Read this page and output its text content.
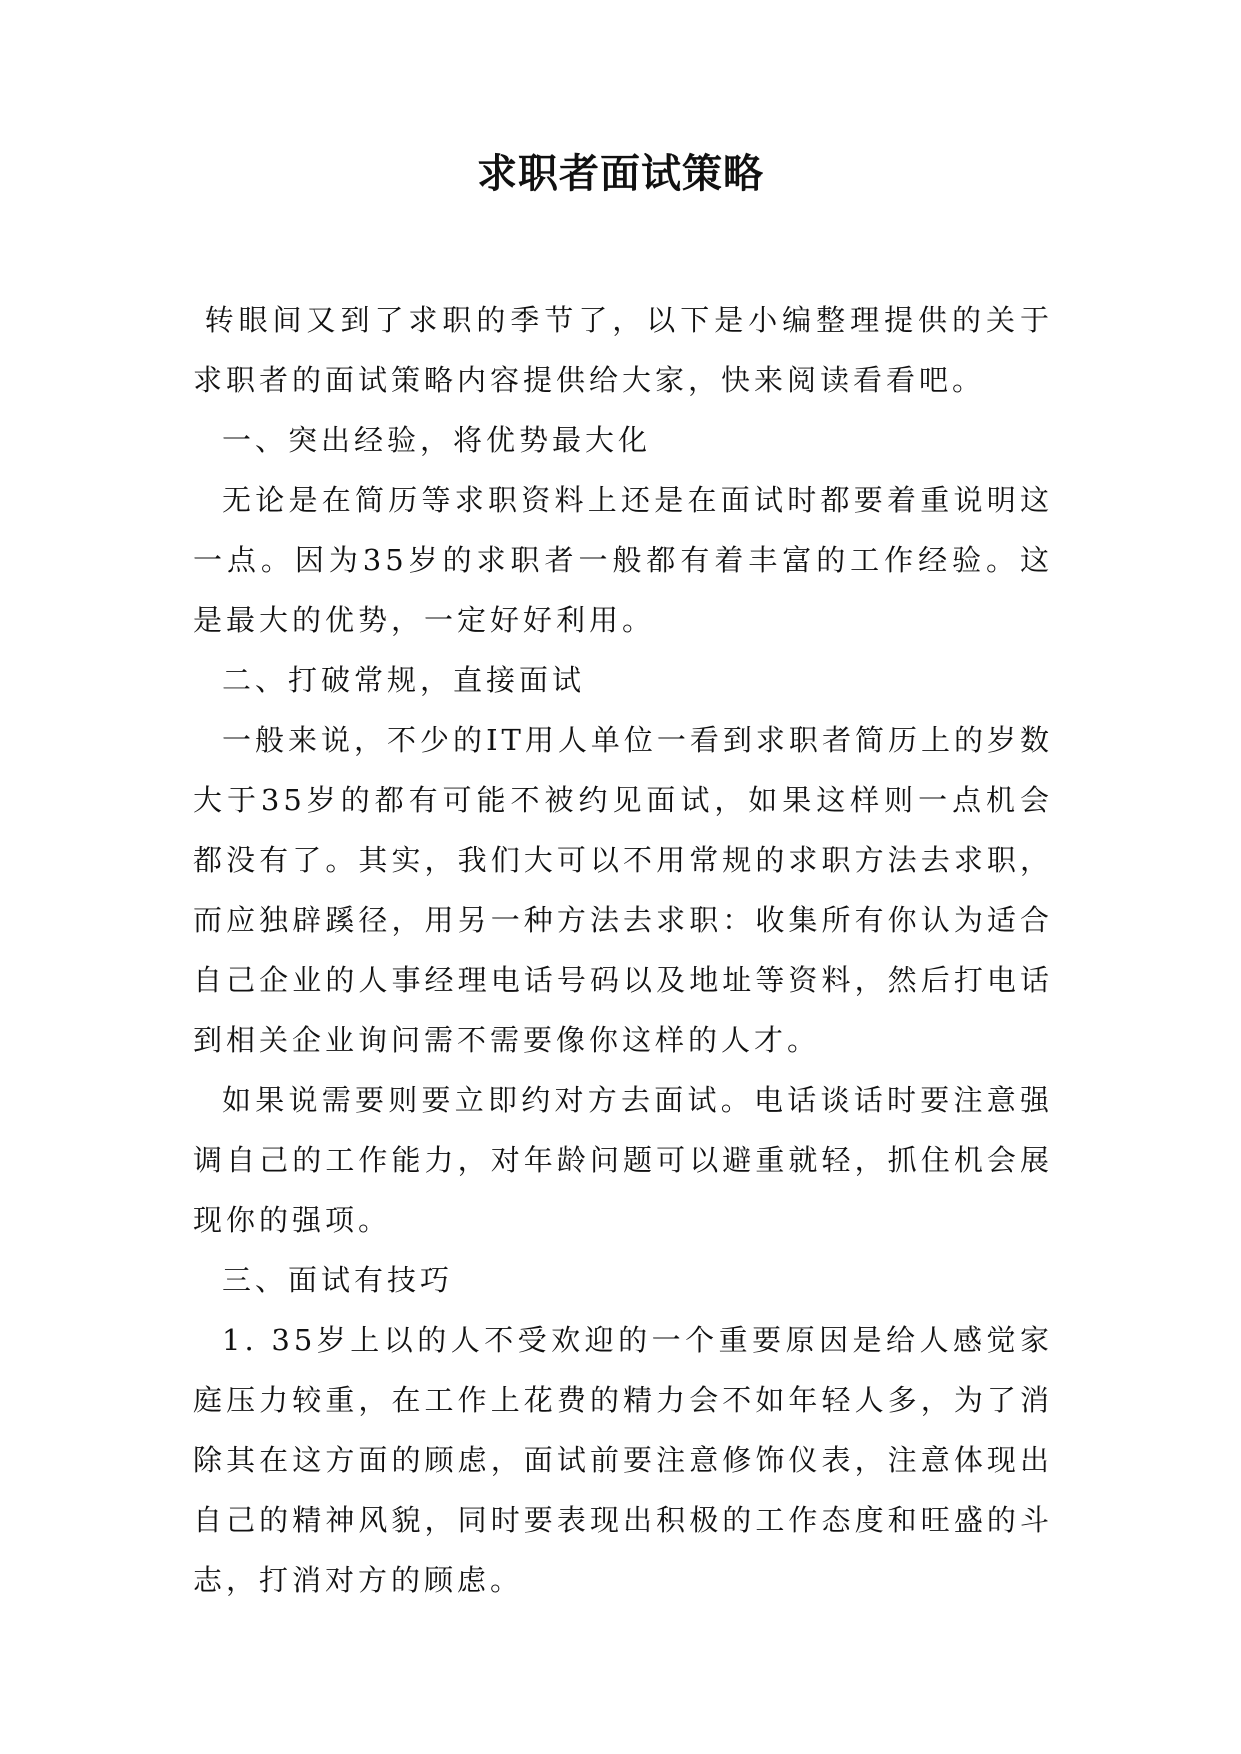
求职者面试策略

转眼间又到了求职的季节了，以下是小编整理提供的关于求职者的面试策略内容提供给大家，快来阅读看看吧。

一、突出经验，将优势最大化

无论是在简历等求职资料上还是在面试时都要着重说明这一点。因为35岁的求职者一般都有着丰富的工作经验。这是最大的优势，一定好好利用。

二、打破常规，直接面试

一般来说，不少的IT用人单位一看到求职者简历上的岁数大于35岁的都有可能不被约见面试，如果这样则一点机会都没有了。其实，我们大可以不用常规的求职方法去求职，而应独辟蹊径，用另一种方法去求职：收集所有你认为适合自己企业的人事经理电话号码以及地址等资料，然后打电话到相关企业询问需不需要像你这样的人才。

如果说需要则要立即约对方去面试。电话谈话时要注意强调自己的工作能力，对年龄问题可以避重就轻，抓住机会展现你的强项。

三、面试有技巧

1. 35岁上以的人不受欢迎的一个重要原因是给人感觉家庭压力较重，在工作上花费的精力会不如年轻人多，为了消除其在这方面的顾虑，面试前要注意修饰仪表，注意体现出自己的精神风貌，同时要表现出积极的工作态度和旺盛的斗志，打消对方的顾虑。
